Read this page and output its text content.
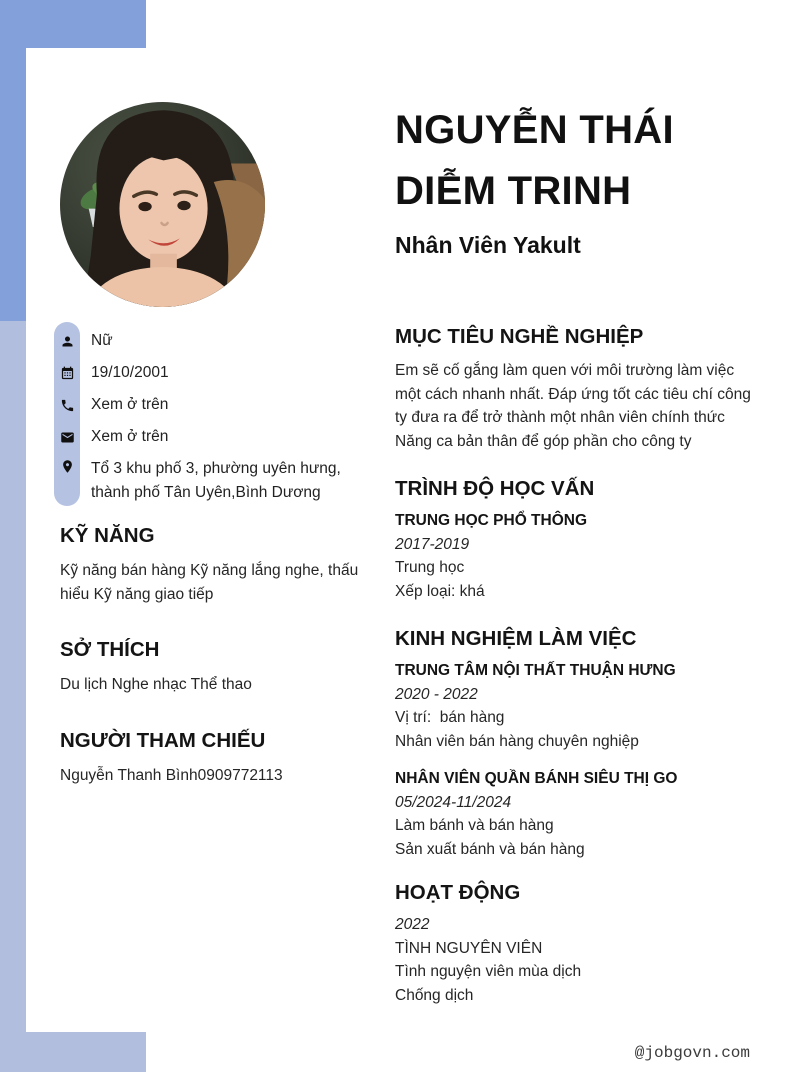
NGUYỄN THÁI
DIỄM TRINH
Nhân Viên Yakult
MỤC TIÊU NGHỀ NGHIỆP
Em sẽ cố gắng làm quen với môi trường làm việc một cách nhanh nhất. Đáp ứng tốt các tiêu chí công ty đưa ra để trở thành một nhân viên chính thức Năng ca bản thân để góp phần cho công ty
TRÌNH ĐỘ HỌC VẤN
TRUNG HỌC PHỔ THÔNG
2017-2019
Trung học
Xếp loại: khá
KINH NGHIỆM LÀM VIỆC
TRUNG TÂM NỘI THẤT THUẬN HƯNG
2020 - 2022
Vị trí:  bán hàng
Nhân viên bán hàng chuyên nghiệp
NHÂN VIÊN QUẦN BÁNH SIÊU THỊ GO
05/2024-11/2024
Làm bánh và bán hàng
Sản xuất bánh và bán hàng
HOẠT ĐỘNG
2022
TÌNH NGUYÊN VIÊN
Tình nguyện viên mùa dịch
Chống dịch
Nữ
19/10/2001
Xem ở trên
Xem ở trên
Tổ 3 khu phố 3, phường uyên hưng, thành phố Tân Uyên,Bình Dương
KỸ NĂNG
Kỹ năng bán hàng Kỹ năng lắng nghe, thấu hiểu Kỹ năng giao tiếp
SỞ THÍCH
Du lịch Nghe nhạc Thể thao
NGƯỜI THAM CHIẾU
Nguyễn Thanh Bình0909772113
@jobgovn.com
